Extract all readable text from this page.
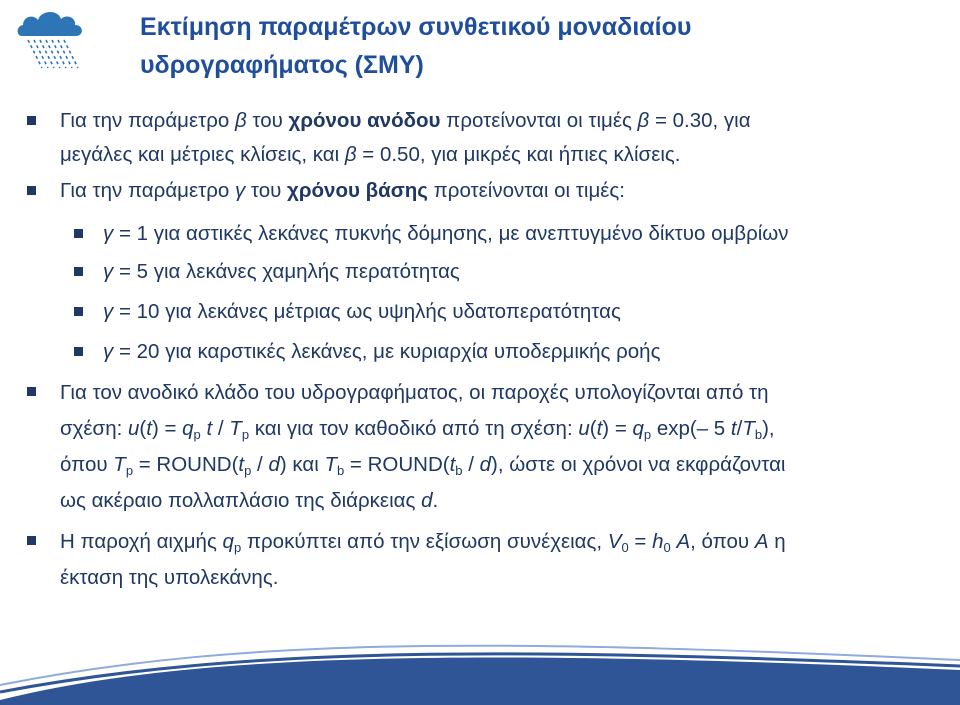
Εκτίμηση παραμέτρων συνθετικού μοναδιαίου
υδρογραφήματος (ΣΜΥ)
Για την παράμετρο β του χρόνου ανόδου προτείνονται οι τιμές β = 0.30, για
μεγάλες και μέτριες κλίσεις, και β = 0.50, για μικρές και ήπιες κλίσεις.
Για την παράμετρο γ του χρόνου βάσης προτείνονται οι τιμές:
γ = 1 για αστικές λεκάνες πυκνής δόμησης, με ανεπτυγμένο δίκτυο ομβρίων
γ = 5 για λεκάνες χαμηλής περατότητας
γ = 10 για λεκάνες μέτριας ως υψηλής υδατοπερατότητας
γ = 20 για καρστικές λεκάνες, με κυριαρχία υποδερμικής ροής
Για τον ανοδικό κλάδο του υδρογραφήματος, οι παροχές υπολογίζονται από τη
σχέση: $u(t) = q_p$ t / $T_p$ και για τον καθοδικό από τη σχέση: $u(t) = q_p$ exp(– 5 $t/T_b$),
όπου $T_p$ = $ROUND(t_p / d)$ και $T_b$ = $ROUND(t_b / d)$, ώστε οι χρόνοι να εκφράζονται
ως ακέραιο πολλαπλάσιο της διάρκειας d.
Η παροχή αιχμής $q_p$ προκύπτει από την εξίσωση συνέχειας, $V_0 = h_0$ A, όπου A η
έκταση της υπολεκάνης.
